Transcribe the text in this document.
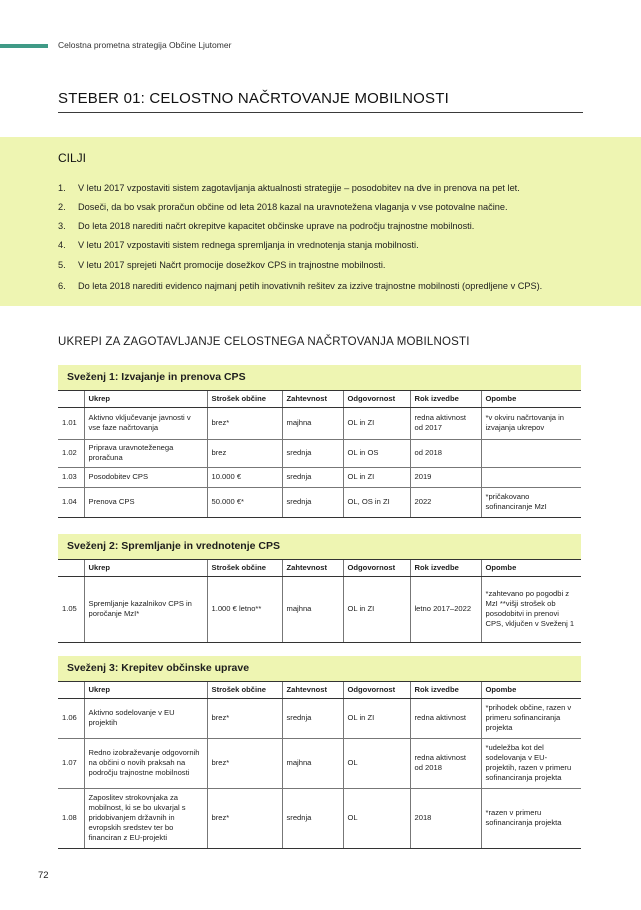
Celostna prometna strategija Občine Ljutomer
STEBER 01: CELOSTNO NAČRTOVANJE MOBILNOSTI
CILJI
1. V letu 2017 vzpostaviti sistem zagotavljanja aktualnosti strategije – posodobitev na dve in prenova na pet let.
2. Doseči, da bo vsak proračun občine od leta 2018 kazal na uravnotežena vlaganja v vse potovalne načine.
3. Do leta 2018 narediti načrt okrepitve kapacitet občinske uprave na področju trajnostne mobilnosti.
4. V letu 2017 vzpostaviti sistem rednega spremljanja in vrednotenja stanja mobilnosti.
5. V letu 2017 sprejeti Načrt promocije dosežkov CPS in trajnostne mobilnosti.
6. Do leta 2018 narediti evidenco najmanj petih inovativnih rešitev za izzive trajnostne mobilnosti (opredljene v CPS).
UKREPI ZA ZAGOTAVLJANJE CELOSTNEGA NAČRTOVANJA MOBILNOSTI
Sveženj 1: Izvajanje in prenova CPS
	Ukrep	Strošek občine	Zahtevnost	Odgovornost	Rok izvedbe	Opombe
1.01	Aktivno vključevanje javnosti v vse faze načrtovanja	brez*	majhna	OL in ZI	redna aktivnost od 2017	*v okviru načrtovanja in izvajanja ukrepov
1.02	Priprava uravnoteženega proračuna	brez	srednja	OL in OS	od 2018	
1.03	Posodobitev CPS	10.000 €	srednja	OL in ZI	2019	
1.04	Prenova CPS	50.000 €*	srednja	OL, OS in ZI	2022	*pričakovano sofinanciranje MzI
Sveženj 2: Spremljanje in vrednotenje CPS
	Ukrep	Strošek občine	Zahtevnost	Odgovornost	Rok izvedbe	Opombe
1.05	Spremljanje kazalnikov CPS in poročanje MzI*	1.000 € letno**	majhna	OL in ZI	letno 2017–2022	*zahtevano po pogodbi z MzI **višji strošek ob posodobitvi in prenovi CPS, vključen v Sveženj 1
Sveženj 3: Krepitev občinske uprave
	Ukrep	Strošek občine	Zahtevnost	Odgovornost	Rok izvedbe	Opombe
1.06	Aktivno sodelovanje v EU projektih	brez*	srednja	OL in ZI	redna aktivnost	*prihodek občine, razen v primeru sofinanciranja projekta
1.07	Redno izobraževanje odgovornih na občini o novih praksah na področju trajnostne mobilnosti	brez*	majhna	OL	redna aktivnost od 2018	*udeležba kot del sodelovanja v EU-projektih, razen v primeru sofinanciranja projekta
1.08	Zaposlitev strokovnjaka za mobilnost, ki se bo ukvarjal s pridobivanjem državnih in evropskih sredstev ter bo financiran z EU-projekti	brez*	srednja	OL	2018	*razen v primeru sofinanciranja projekta
72
